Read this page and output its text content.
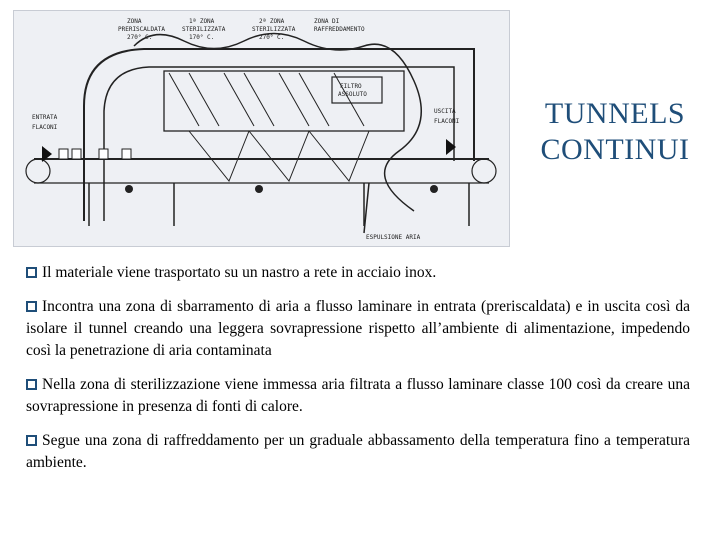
ZONA
PRERISCALDATA
270° C.
1ª ZONA
STERILIZZATA
170° C.
2ª ZONA
STERILIZZATA
270° C.
ZONA DI
RAFFREDDAMENTO
FILTRO
ASSOLUTO
ENTRATA
FLACONI
USCITA
FLACONI
ESPULSIONE ARIA
TUNNELS
CONTINUI
Il materiale viene trasportato su un nastro a rete in acciaio inox.
Incontra una zona di sbarramento di aria a flusso laminare in entrata (preriscaldata) e in uscita così da isolare il tunnel creando una leggera sovrapressione rispetto all’ambiente di alimentazione, impedendo così la penetrazione di aria contaminata
Nella zona di sterilizzazione viene immessa aria filtrata a flusso laminare classe 100 così da creare una sovrapressione in presenza di fonti di calore.
Segue una zona di raffreddamento per un graduale abbassamento della temperatura fino a temperatura ambiente.
